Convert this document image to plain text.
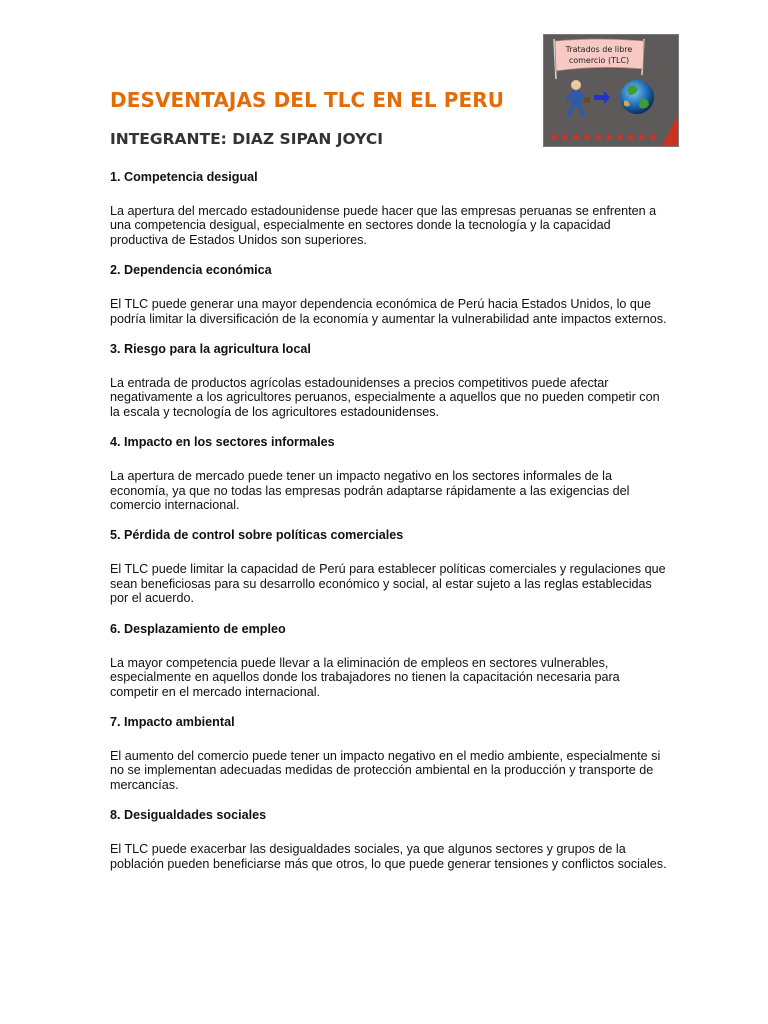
DESVENTAJAS DEL TLC EN EL PERU
INTEGRANTE: DIAZ SIPAN JOYCI
Tratados de libre
comercio (TLC)

1. Competencia desigual

La apertura del mercado estadounidense puede hacer que las empresas peruanas se enfrenten a una competencia desigual, especialmente en sectores donde la tecnología y la capacidad productiva de Estados Unidos son superiores.

2. Dependencia económica

El TLC puede generar una mayor dependencia económica de Perú hacia Estados Unidos, lo que podría limitar la diversificación de la economía y aumentar la vulnerabilidad ante impactos externos.

3. Riesgo para la agricultura local

La entrada de productos agrícolas estadounidenses a precios competitivos puede afectar negativamente a los agricultores peruanos, especialmente a aquellos que no pueden competir con la escala y tecnología de los agricultores estadounidenses.

4. Impacto en los sectores informales

La apertura de mercado puede tener un impacto negativo en los sectores informales de la economía, ya que no todas las empresas podrán adaptarse rápidamente a las exigencias del comercio internacional.

5. Pérdida de control sobre políticas comerciales

El TLC puede limitar la capacidad de Perú para establecer políticas comerciales y regulaciones que sean beneficiosas para su desarrollo económico y social, al estar sujeto a las reglas establecidas por el acuerdo.

6. Desplazamiento de empleo

La mayor competencia puede llevar a la eliminación de empleos en sectores vulnerables, especialmente en aquellos donde los trabajadores no tienen la capacitación necesaria para competir en el mercado internacional.

7. Impacto ambiental

El aumento del comercio puede tener un impacto negativo en el medio ambiente, especialmente si no se implementan adecuadas medidas de protección ambiental en la producción y transporte de mercancías.

8. Desigualdades sociales

El TLC puede exacerbar las desigualdades sociales, ya que algunos sectores y grupos de la población pueden beneficiarse más que otros, lo que puede generar tensiones y conflictos sociales.
